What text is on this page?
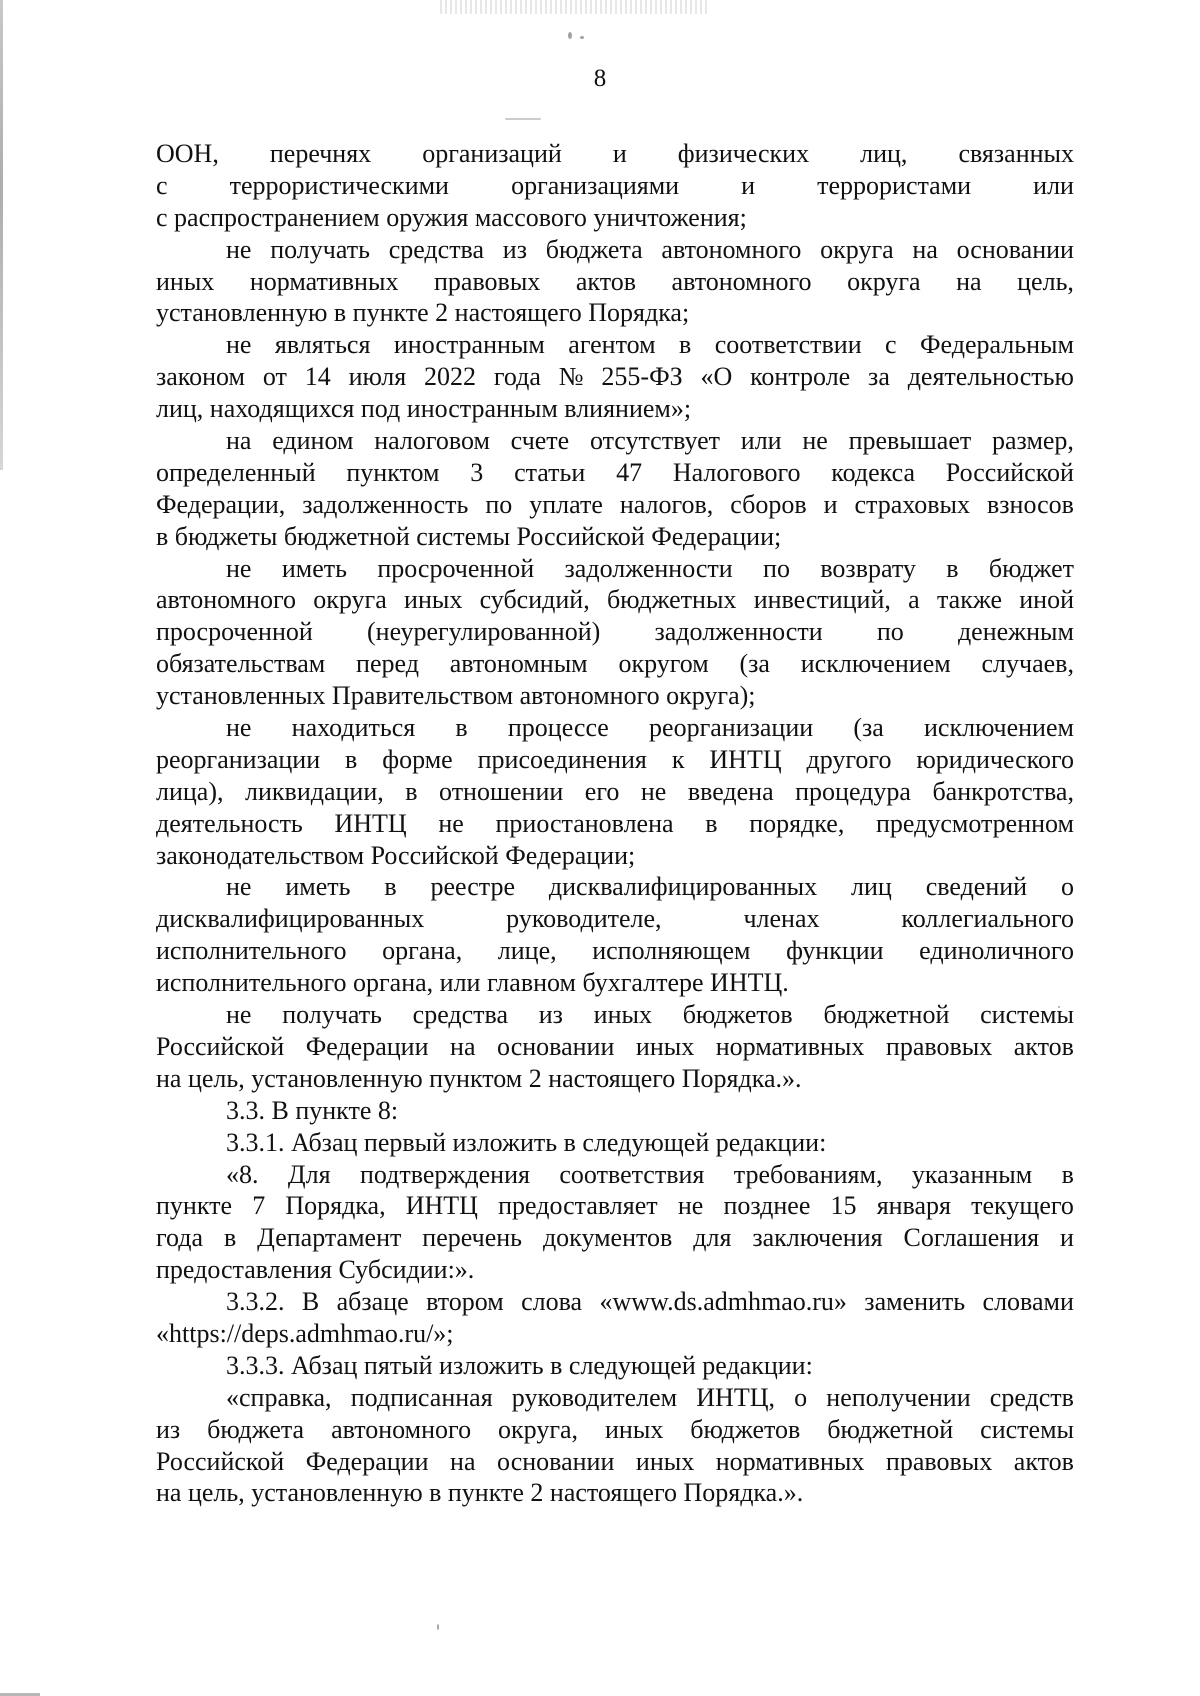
8
ООН, перечнях организаций и физических лиц, связанных
с террористическими организациями и террористами или
с распространением оружия массового уничтожения;
не получать средства из бюджета автономного округа на основании
иных нормативных правовых актов автономного округа на цель,
установленную в пункте 2 настоящего Порядка;
не являться иностранным агентом в соответствии с Федеральным
законом от 14 июля 2022 года № 255-ФЗ «О контроле за деятельностью
лиц, находящихся под иностранным влиянием»;
на едином налоговом счете отсутствует или не превышает размер,
определенный пунктом 3 статьи 47 Налогового кодекса Российской
Федерации, задолженность по уплате налогов, сборов и страховых взносов
в бюджеты бюджетной системы Российской Федерации;
не иметь просроченной задолженности по возврату в бюджет
автономного округа иных субсидий, бюджетных инвестиций, а также иной
просроченной (неурегулированной) задолженности по денежным
обязательствам перед автономным округом (за исключением случаев,
установленных Правительством автономного округа);
не находиться в процессе реорганизации (за исключением
реорганизации в форме присоединения к ИНТЦ другого юридического
лица), ликвидации, в отношении его не введена процедура банкротства,
деятельность ИНТЦ не приостановлена в порядке, предусмотренном
законодательством Российской Федерации;
не иметь в реестре дисквалифицированных лиц сведений о
дисквалифицированных	руководителе,	членах	коллегиального
исполнительного органа, лице, исполняющем функции единоличного
исполнительного органа, или главном бухгалтере ИНТЦ.
не получать средства из иных бюджетов бюджетной системы
Российской Федерации на основании иных нормативных правовых актов
на цель, установленную пунктом 2 настоящего Порядка.».
3.3. В пункте 8:
3.3.1. Абзац первый изложить в следующей редакции:
«8. Для подтверждения соответствия требованиям, указанным в
пункте 7 Порядка, ИНТЦ предоставляет не позднее 15 января текущего
года в Департамент перечень документов для заключения Соглашения и
предоставления Субсидии:».
3.3.2. В абзаце втором слова «www.ds.admhmao.ru» заменить словами
«https://deps.admhmao.ru/»;
3.3.3. Абзац пятый изложить в следующей редакции:
«справка, подписанная руководителем ИНТЦ, о неполучении средств
из бюджета автономного округа, иных бюджетов бюджетной системы
Российской Федерации на основании иных нормативных правовых актов
на цель, установленную в пункте 2 настоящего Порядка.».
